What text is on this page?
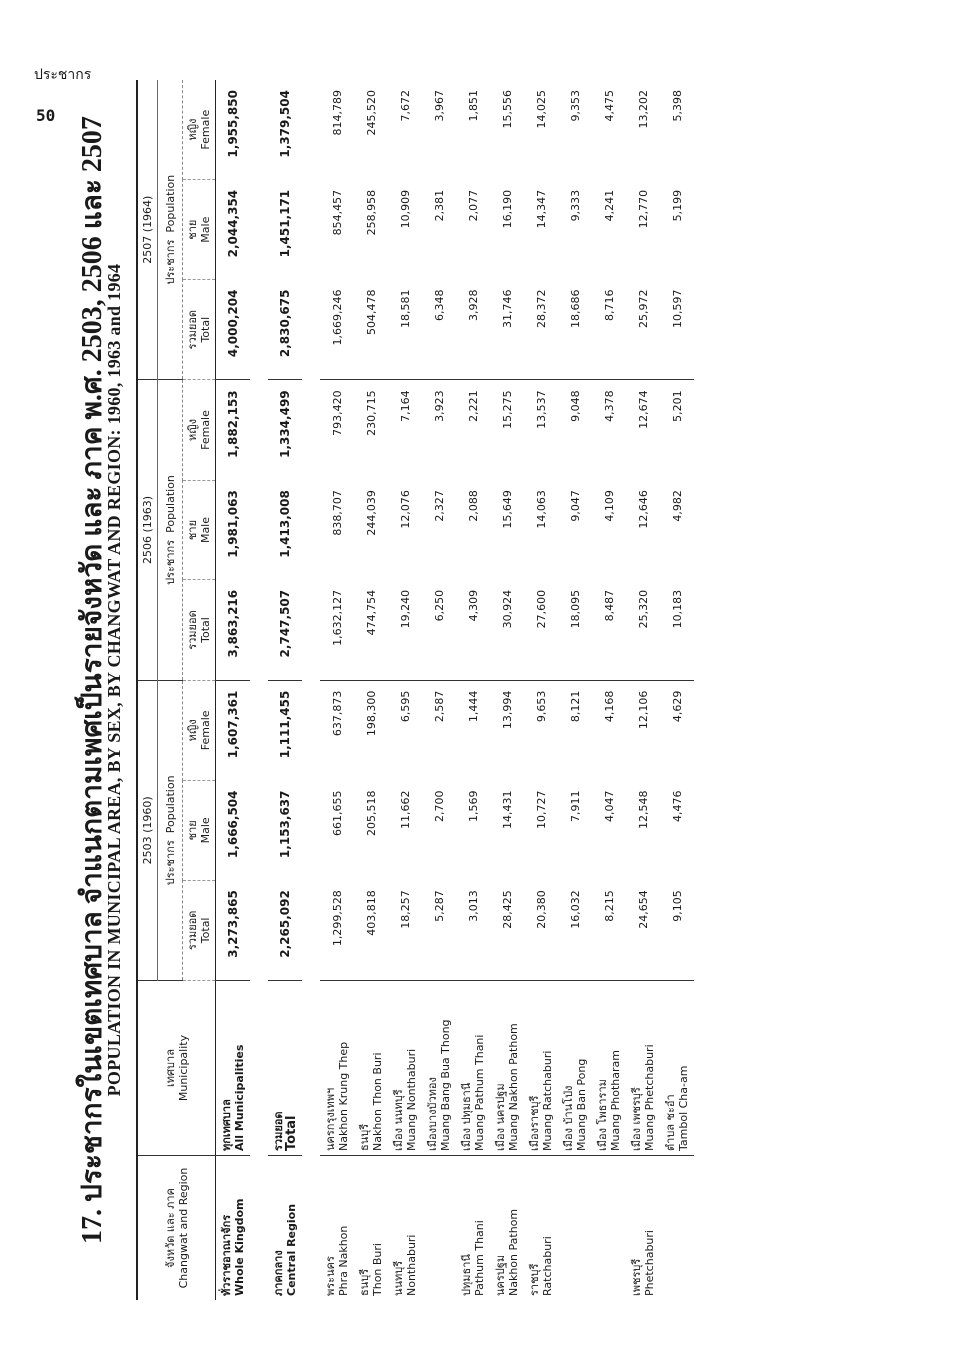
ประชากร
50
17. ประชากรในเขตเทศบาล จำแนกตามเพศเป็นรายจังหวัด และ ภาค พ.ศ. 2503, 2506 และ 2507
POPULATION IN MUNICIPAL AREA, BY SEX, BY CHANGWAT AND REGION: 1960, 1963 and 1964
จังหวัด และ ภาค Changwat and Region	เทศบาล Municipality	2503 (1960)			2506 (1963)			2507 (1964)		
		ประชากร  Population			ประชากร  Population			ประชากร  Population		

		รวมยอด Total	ชาย Male	หญิง Female	รวมยอด Total	ชาย Male	หญิง Female	รวมยอด Total	ชาย Male	หญิง Female

ทั่วราชอาณาจักร Whole Kingdom	ทุกเทศบาล All Municipalities	3,273,865	1,666,504	1,607,361	3,863,216	1,981,063	1,882,153	4,000,204	2,044,354	1,955,850

ภาคกลาง Central Region	รวมยอด Total	2,265,092	1,153,637	1,111,455	2,747,507	1,413,008	1,334,499	2,830,675	1,451,171	1,379,504

พระนคร Phra Nakhon	นครกรุงเทพฯ Nakhon Krung Thep	1,299,528	661,655	637,873	1,632,127	838,707	793,420	1,669,246	854,457	814,789

ธนบุรี Thon Buri	ธนบุรี Nakhon Thon Buri	403,818	205,518	198,300	474,754	244,039	230,715	504,478	258,958	245,520

นนทบุรี Nonthaburi	เมือง นนทบุรี Muang Nonthaburi	18,257	11,662	6,595	19,240	12,076	7,164	18,581	10,909	7,672

	เมืองบางบัวทอง Muang Bang Bua Thong	5,287	2,700	2,587	6,250	2,327	3,923	6,348	2,381	3,967

ปทุมธานี Pathum Thani	เมือง ปทุมธานี Muang Pathum Thani	3,013	1,569	1,444	4,309	2,088	2,221	3,928	2,077	1,851

นครปฐม Nakhon Pathom	เมือง นครปฐม Muang Nakhon Pathom	28,425	14,431	13,994	30,924	15,649	15,275	31,746	16,190	15,556

ราชบุรี Ratchaburi	เมืองราชบุรี Muang Ratchaburi	20,380	10,727	9,653	27,600	14,063	13,537	28,372	14,347	14,025

	เมือง บ้านโป่ง Muang Ban Pong	16,032	7,911	8,121	18,095	9,047	9,048	18,686	9,333	9,353

	เมือง โพธาราม Muang Photharam	8,215	4,047	4,168	8,487	4,109	4,378	8,716	4,241	4,475

เพชรบุรี Phetchaburi	เมือง เพชรบุรี Muang Phetchaburi	24,654	12,548	12,106	25,320	12,646	12,674	25,972	12,770	13,202

	ตำบล ชะอำ Tambol Cha-am	9,105	4,476	4,629	10,183	4,982	5,201	10,597	5,199	5,398
